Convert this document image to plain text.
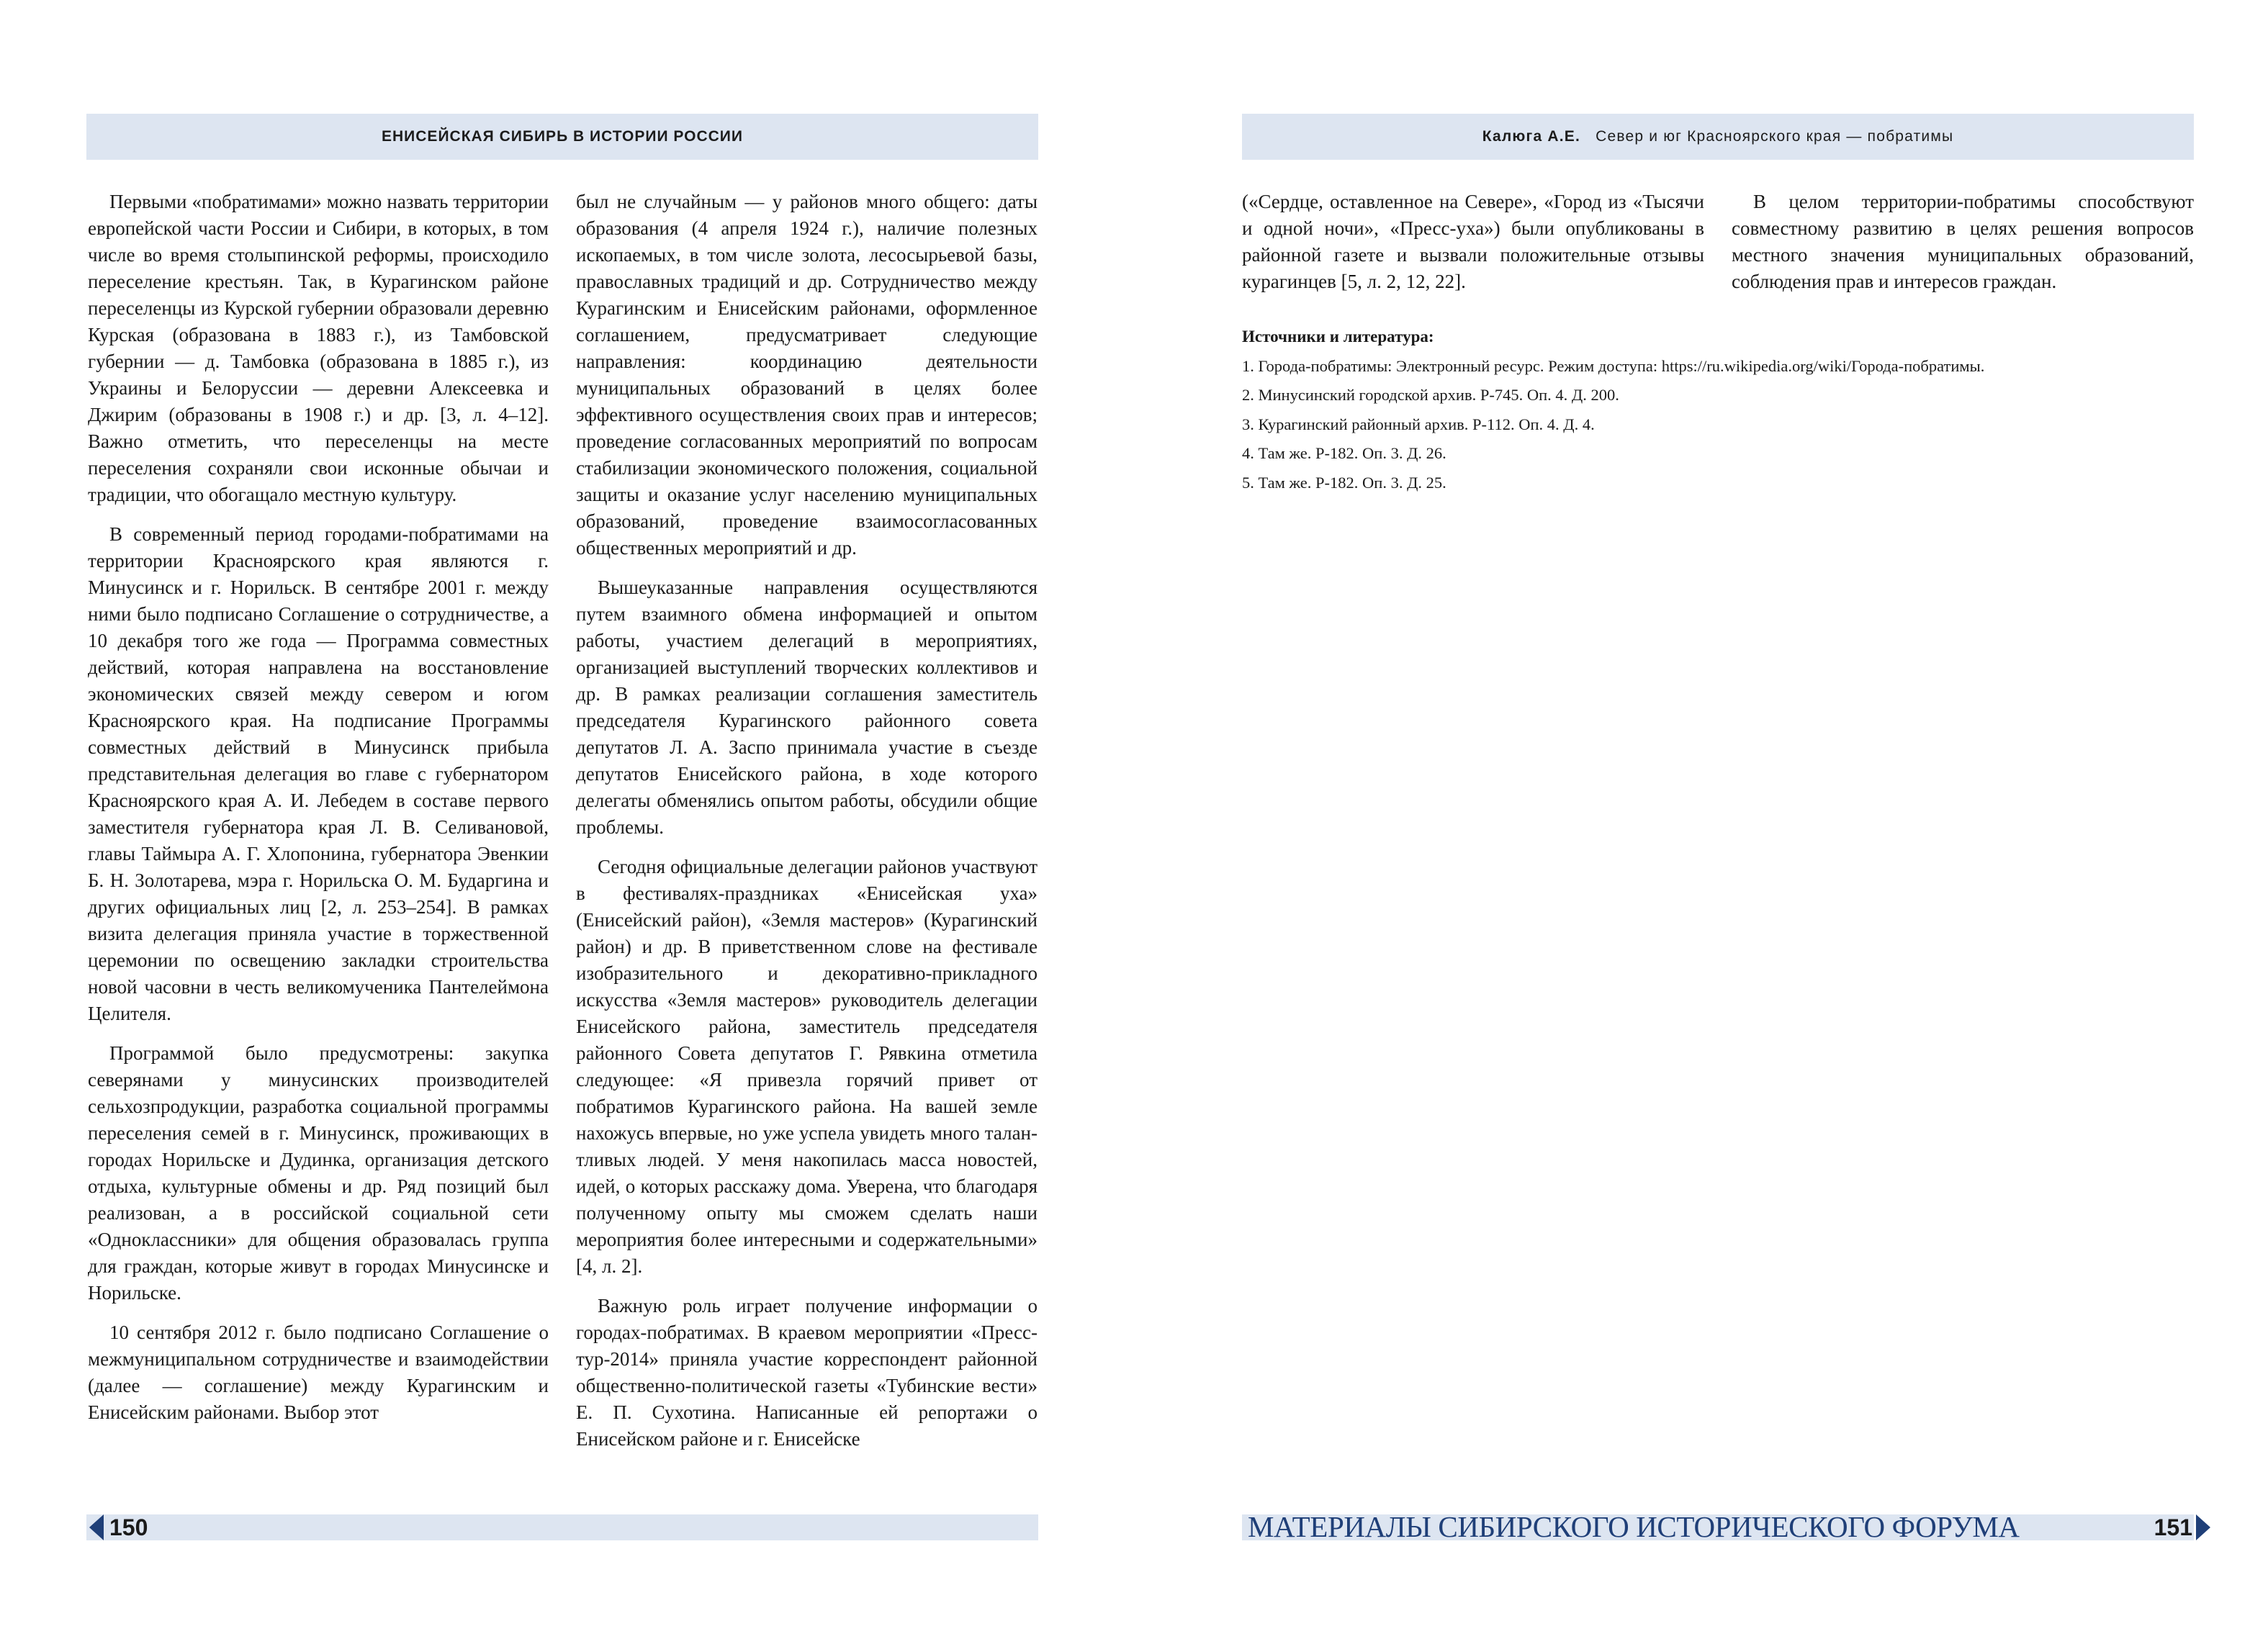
ЕНИСЕЙСКАЯ СИБИРЬ В ИСТОРИИ РОССИИ

Первыми «побратимами» можно назвать территории европейской части России и Сибири, в которых, в том числе во время столыпинской реформы, происходило переселение крестьян. Так, в Курагинском районе переселенцы из Курской губернии образовали деревню Курская (образована в 1883 г.), из Тамбовской губернии — д. Тамбовка (образована в 1885 г.), из Украины и Белоруссии — деревни Алексеевка и Джирим (образованы в 1908 г.) и др. [3, л. 4–12]. Важно отметить, что переселенцы на месте переселения сохраняли свои исконные обычаи и традиции, что обогащало местную культуру.

В современный период городами-побратимами на территории Красноярского края являются г. Минусинск и г. Норильск. В сентябре 2001 г. между ними было подписано Соглашение о сотрудничестве, а 10 декабря того же года — Программа совместных действий, которая направлена на восстановление экономических связей между севером и югом Красноярского края. На подписание Программы совместных действий в Минусинск прибыла представительная делегация во главе с губернатором Красноярского края А. И. Лебедем в составе первого заместителя губернатора края Л. В. Селивановой, главы Таймыра А. Г. Хлопонина, губернатора Эвенкии Б. Н. Золотарева, мэра г. Норильска О. М. Бударгина и других официальных лиц [2, л. 253–254]. В рамках визита делегация приняла участие в торжественной церемонии по освещению закладки строительства новой часовни в честь великомученика Пантелеймона Целителя.

Программой было предусмотрены: закупка северянами у минусинских производителей сельхозпродукции, разработка социальной программы переселения семей в г. Минусинск, проживающих в городах Норильске и Дудинка, организация детского отдыха, культурные обмены и др. Ряд позиций был реализован, а в российской социальной сети «Одноклассники» для общения образовалась группа для граждан, которые живут в городах Минусинске и Норильске.

10 сентября 2012 г. было подписано Соглашение о межмуниципальном сотрудничестве и взаимодействии (далее — соглашение) между Курагинским и Енисейским районами. Выбор этот

был не случайным — у районов много общего: даты образования (4 апреля 1924 г.), наличие полезных ископаемых, в том числе золота, лесосырьевой базы, православных традиций и др. Сотрудничество между Курагинским и Енисейским районами, оформленное соглашением, предусматривает следующие направления: координацию деятельности муниципальных образований в целях более эффективного осуществления своих прав и интересов; проведение согласованных мероприятий по вопросам стабилизации экономического положения, социальной защиты и оказание услуг населению муниципальных образований, проведение взаимосогласованных общественных мероприятий и др.

Вышеуказанные направления осуществляются путем взаимного обмена информацией и опытом работы, участием делегаций в мероприятиях, организацией выступлений творческих коллективов и др. В рамках реализации соглашения заместитель председателя Курагинского районного совета депутатов Л. А. Заспо принимала участие в съезде депутатов Енисейского района, в ходе которого делегаты обменялись опытом работы, обсудили общие проблемы.

Сегодня официальные делегации районов участвуют в фестивалях-праздниках «Енисейская уха» (Енисейский район), «Земля мастеров» (Курагинский район) и др. В приветственном слове на фестивале изобразительного и декоративно-прикладного искусства «Земля мастеров» руководитель делегации Енисейского района, заместитель председателя районного Совета депутатов Г. Рявкина отметила следующее: «Я привезла горячий привет от побратимов Курагинского района. На вашей земле нахожусь впервые, но уже успела увидеть много талантливых людей. У меня накопилась масса новостей, идей, о которых расскажу дома. Уверена, что благодаря полученному опыту мы сможем сделать наши мероприятия более интересными и содержательными» [4, л. 2].

Важную роль играет получение информации о городах-побратимах. В краевом мероприятии «Пресс-тур-2014» приняла участие корреспондент районной общественно-политической газеты «Тубинские вести» Е. П. Сухотина. Написанные ей репортажи о Енисейском районе и г. Енисейске

150
Калюга А.Е. Север и юг Красноярского края — побратимы

(«Сердце, оставленное на Севере», «Город из «Тысячи и одной ночи», «Пресс-уха») были опубликованы в районной газете и вызвали положительные отзывы курагинцев [5, л. 2, 12, 22].

В целом территории-побратимы способствуют совместному развитию в целях решения вопросов местного значения муниципальных образований, соблюдения прав и интересов граждан.

Источники и литература:
1. Города-побратимы: Электронный ресурс. Режим доступа: https://ru.wikipedia.org/wiki/Города-побратимы.
2. Минусинский городской архив. Р-745. Оп. 4. Д. 200.
3. Курагинский районный архив. Р-112. Оп. 4. Д. 4.
4. Там же. Р-182. Оп. 3. Д. 26.
5. Там же. Р-182. Оп. 3. Д. 25.
МАТЕРИАЛЫ СИБИРСКОГО ИСТОРИЧЕСКОГО ФОРУМА	151
